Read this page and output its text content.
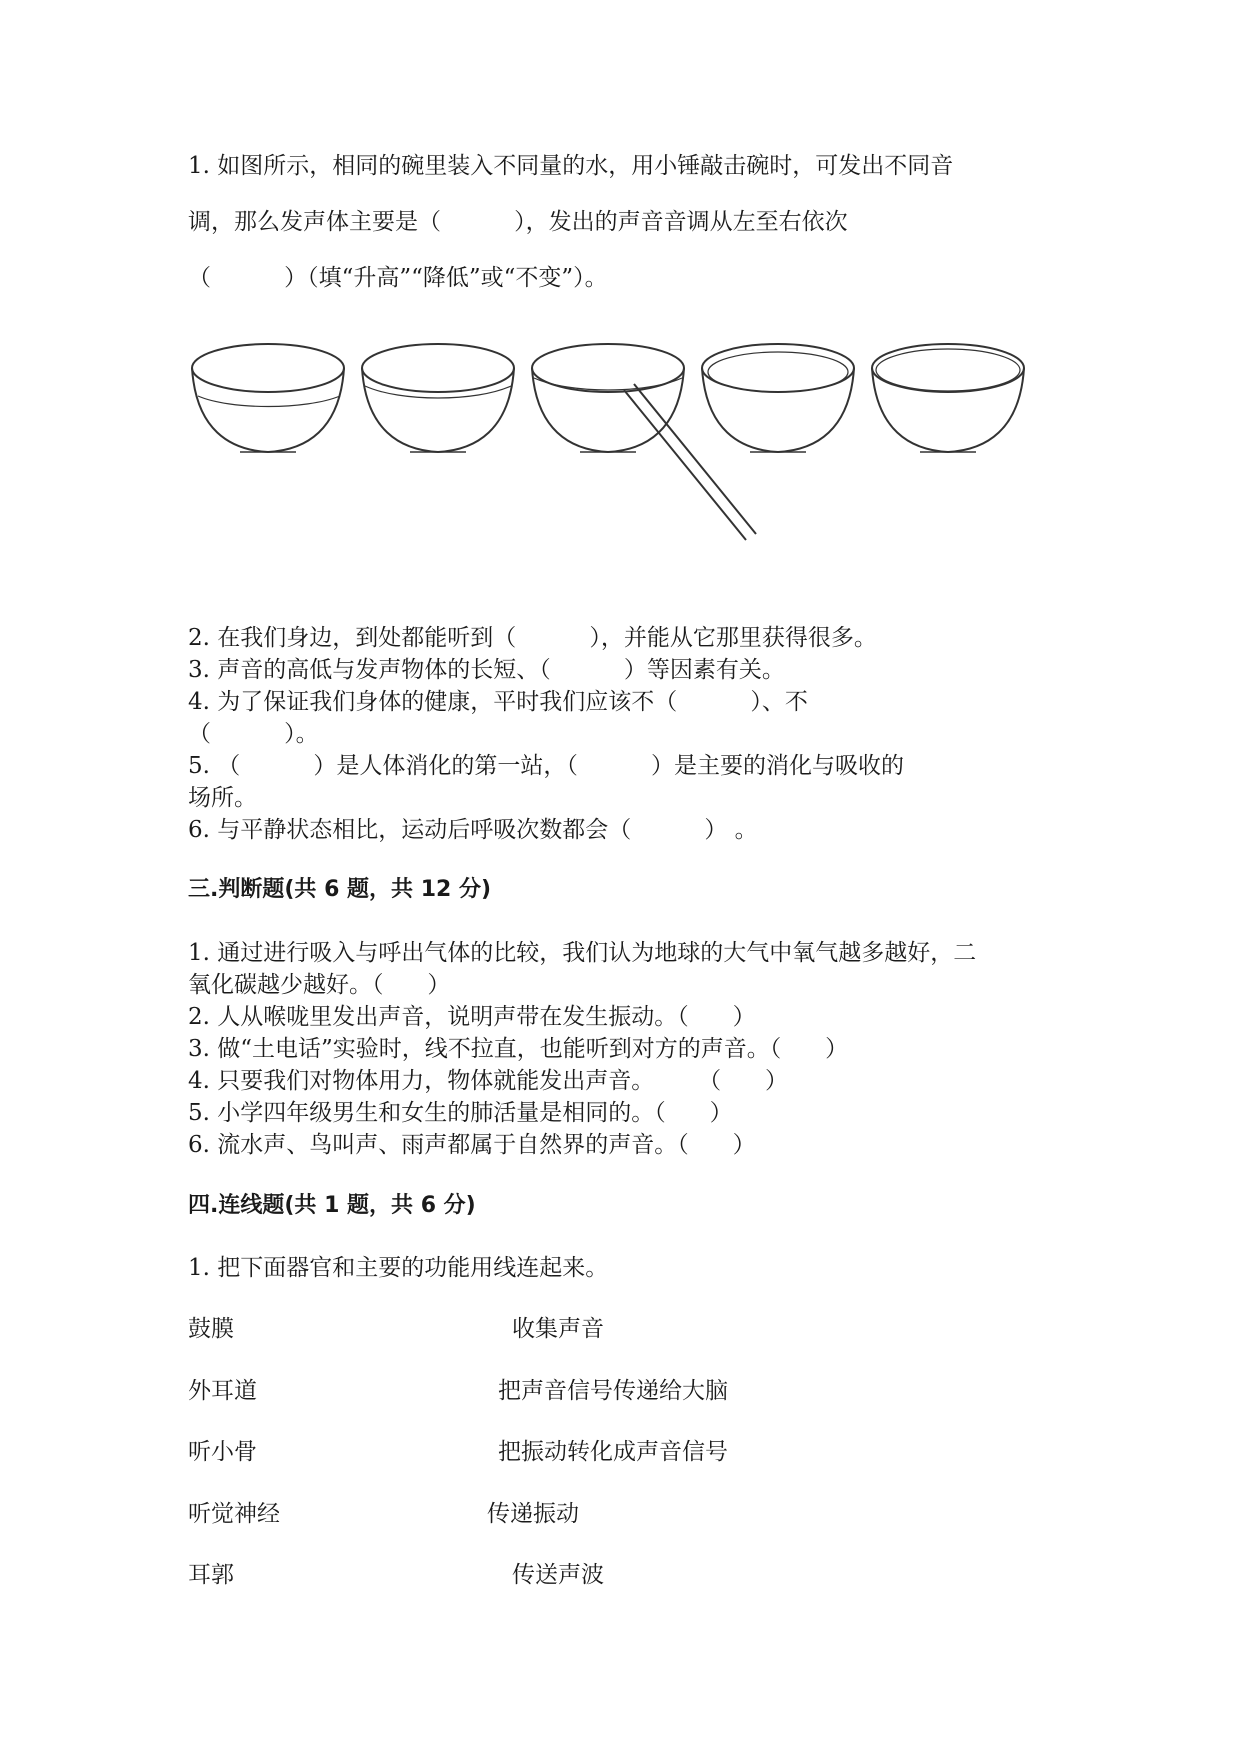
1. 如图所示，相同的碗里装入不同量的水，用小锤敲击碗时，可发出不同音

调，那么发声体主要是（          ），发出的声音音调从左至右依次

（          ）（填“升高”“降低”或“不变”）。

2. 在我们身边，到处都能听到（          ），并能从它那里获得很多。

3. 声音的高低与发声物体的长短、（          ）等因素有关。

4. 为了保证我们身体的健康，平时我们应该不（          ）、不

（          ）。

5. （          ）是人体消化的第一站，（          ）是主要的消化与吸收的

场所。

6. 与平静状态相比，运动后呼吸次数都会（          ） 。

三.判断题(共 6 题，共 12 分)

1. 通过进行吸入与呼出气体的比较，我们认为地球的大气中氧气越多越好，二

氧化碳越少越好。（      ）

2. 人从喉咙里发出声音，说明声带在发生振动。（      ）

3. 做“土电话”实验时，线不拉直，也能听到对方的声音。（      ）

4. 只要我们对物体用力，物体就能发出声音。      （      ）

5. 小学四年级男生和女生的肺活量是相同的。（      ）

6. 流水声、鸟叫声、雨声都属于自然界的声音。（      ）

四.连线题(共 1 题，共 6 分)

1. 把下面器官和主要的功能用线连起来。

鼓膜	收集声音

外耳道	把声音信号传递给大脑

听小骨	把振动转化成声音信号

听觉神经	传递振动

耳郭	传送声波
